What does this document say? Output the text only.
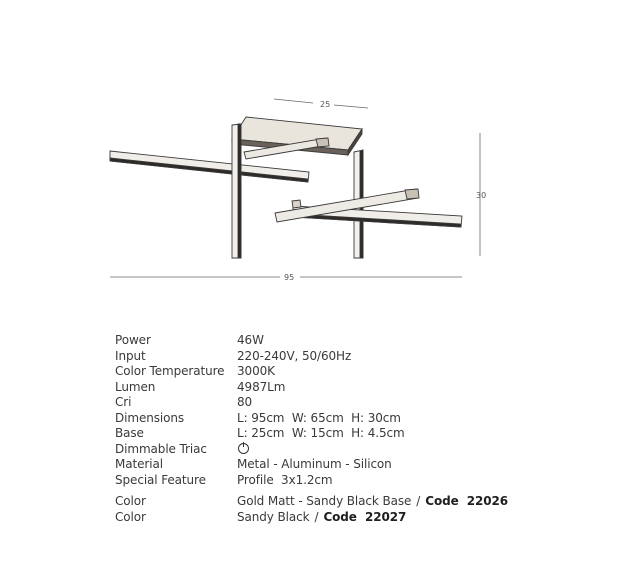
25
30
95
Power	46W
Input	220-240V, 50/60Hz
Color Temperature	3000K
Lumen	4987Lm
Cri	80
Dimensions	L: 95cm  W: 65cm  H: 30cm
Base	L: 25cm  W: 15cm  H: 4.5cm
Dimmable Triac
Material	Metal - Aluminum - Silicon
Special Feature	Profile  3x1.2cm
Color	Gold Matt - Sandy Black Base / Code  22026
Color	Sandy Black / Code  22027
